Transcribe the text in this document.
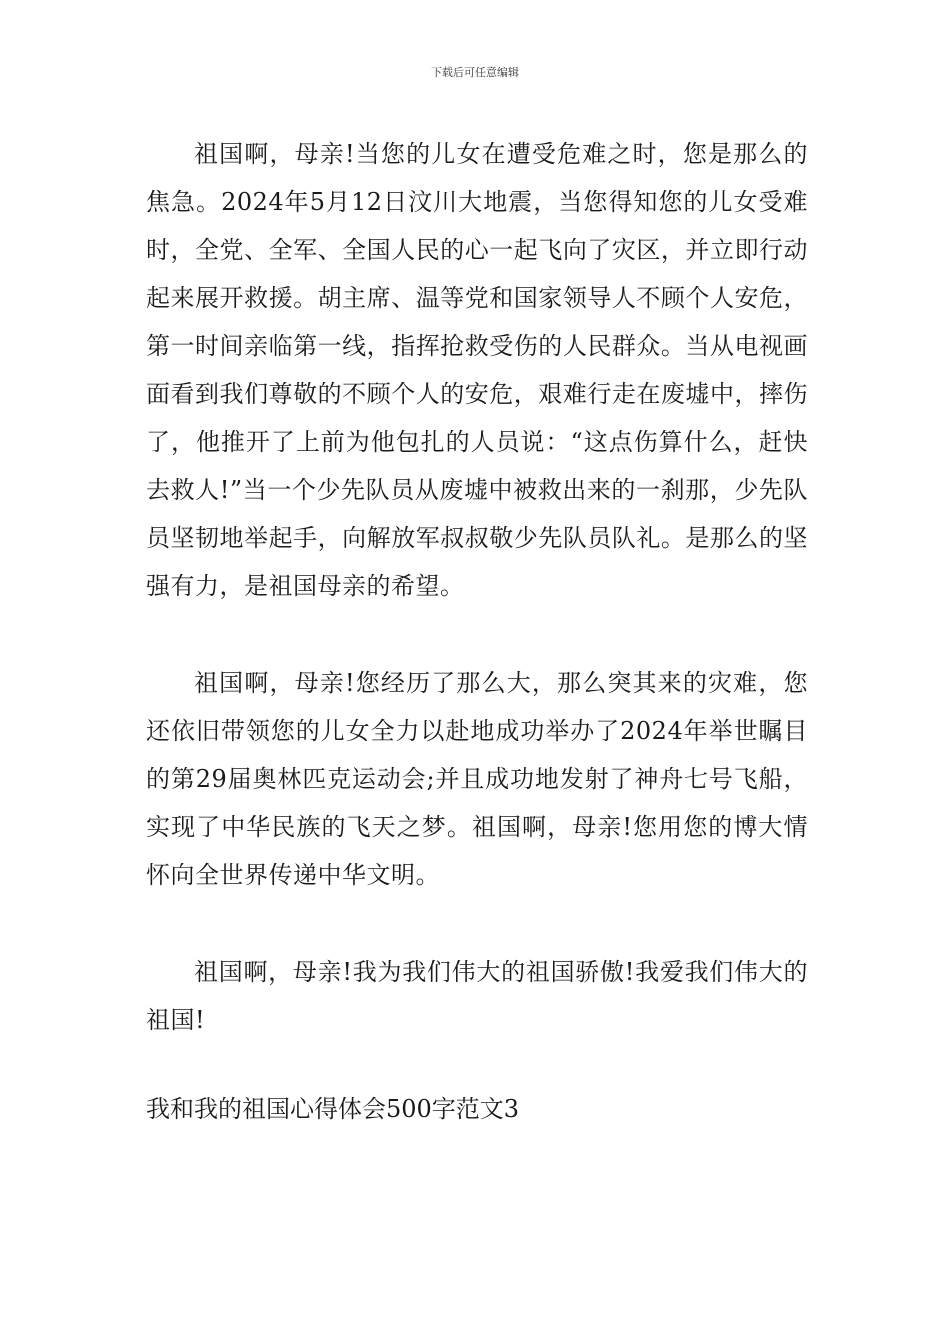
下载后可任意编辑

祖国啊，母亲!当您的儿女在遭受危难之时，您是那么的焦急。2024年5月12日汶川大地震，当您得知您的儿女受难时，全党、全军、全国人民的心一起飞向了灾区，并立即行动起来展开救援。胡主席、温等党和国家领导人不顾个人安危，第一时间亲临第一线，指挥抢救受伤的人民群众。当从电视画面看到我们尊敬的不顾个人的安危，艰难行走在废墟中，摔伤了，他推开了上前为他包扎的人员说：“这点伤算什么，赶快去救人!”当一个少先队员从废墟中被救出来的一刹那，少先队员坚韧地举起手，向解放军叔叔敬少先队员队礼。是那么的坚强有力，是祖国母亲的希望。

祖国啊，母亲!您经历了那么大，那么突其来的灾难，您还依旧带领您的儿女全力以赴地成功举办了2024年举世瞩目的第29届奥林匹克运动会;并且成功地发射了神舟七号飞船，实现了中华民族的飞天之梦。祖国啊，母亲!您用您的博大情怀向全世界传递中华文明。

祖国啊，母亲!我为我们伟大的祖国骄傲!我爱我们伟大的祖国!

我和我的祖国心得体会500字范文3
